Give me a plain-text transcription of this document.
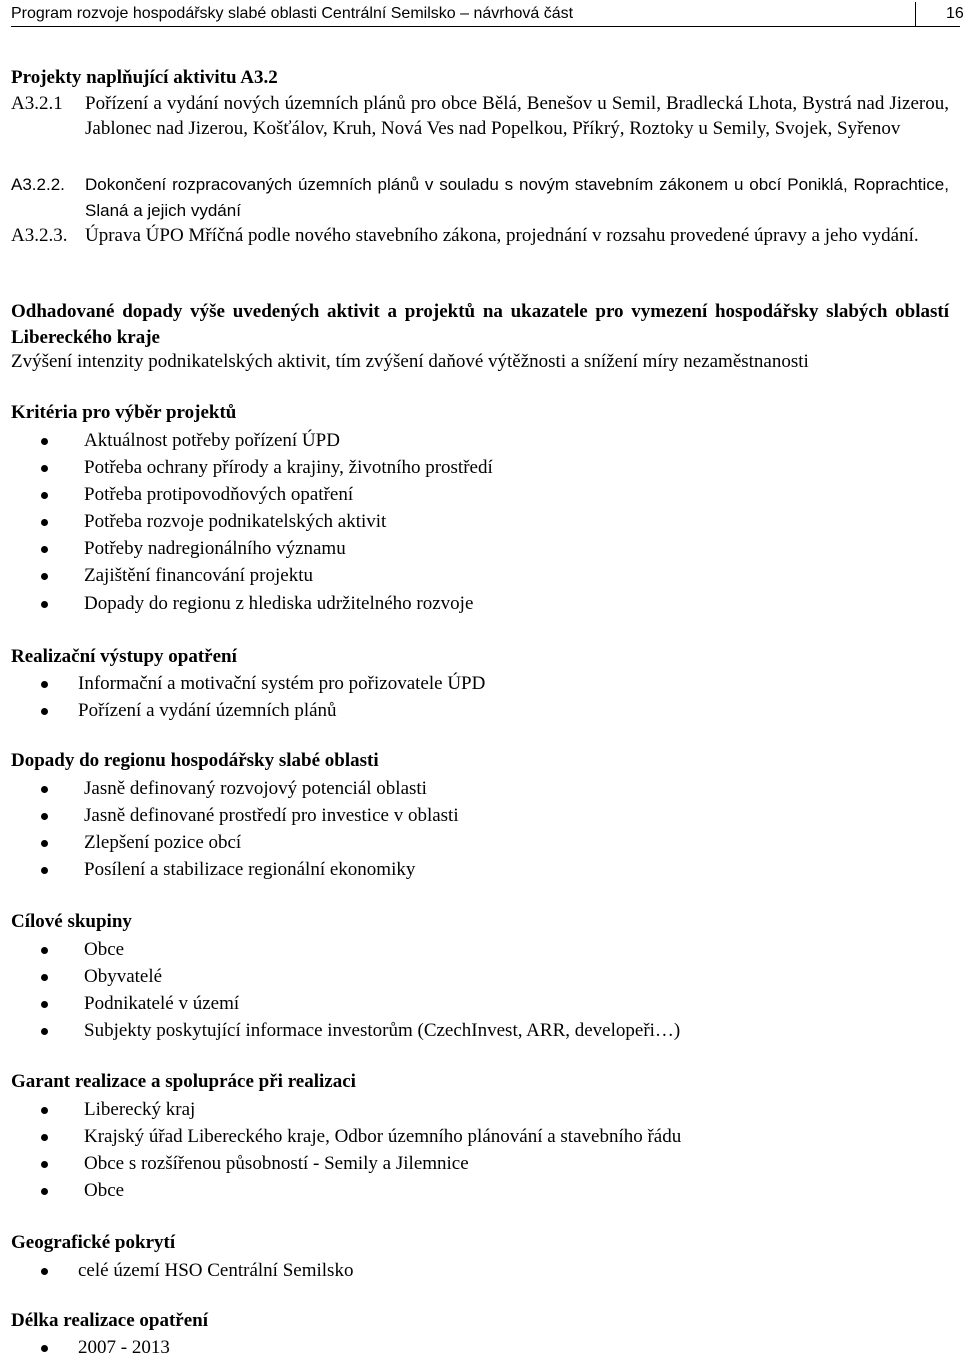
Program rozvoje hospodářsky slabé oblasti Centrální Semilsko – návrhová část	16
Projekty naplňující aktivitu A3.2
A3.2.1 Pořízení a vydání nových územních plánů pro obce Bělá, Benešov u Semil, Bradlecká Lhota, Bystrá nad Jizerou, Jablonec nad Jizerou, Košťálov, Kruh, Nová Ves nad Popelkou, Příkrý, Roztoky u Semily, Svojek, Syřenov
A3.2.2. Dokončení rozpracovaných územních plánů v souladu s novým stavebním zákonem u obcí Poniklá, Roprachtice, Slaná a jejich vydání
A3.2.3. Úprava ÚPO Mříčná podle nového stavebního zákona, projednání v rozsahu provedené úpravy a jeho vydání.
Odhadované dopady výše uvedených aktivit a projektů na ukazatele pro vymezení hospodářsky slabých oblastí Libereckého kraje
Zvýšení intenzity podnikatelských aktivit, tím zvýšení daňové výtěžnosti a snížení míry nezaměstnanosti
Kritéria pro výběr projektů
Aktuálnost potřeby pořízení ÚPD
Potřeba ochrany přírody a krajiny, životního prostředí
Potřeba protipovodňových opatření
Potřeba rozvoje podnikatelských aktivit
Potřeby nadregionálního významu
Zajištění financování projektu
Dopady do regionu z hlediska udržitelného rozvoje
Realizační výstupy opatření
Informační a motivační systém pro pořizovatele ÚPD
Pořízení a vydání územních plánů
Dopady do regionu hospodářsky slabé oblasti
Jasně definovaný rozvojový potenciál oblasti
Jasně definované prostředí pro investice v oblasti
Zlepšení pozice obcí
Posílení a stabilizace regionální ekonomiky
Cílové skupiny
Obce
Obyvatelé
Podnikatelé v území
Subjekty poskytující informace investorům (CzechInvest, ARR, developeři…)
Garant realizace a spolupráce při realizaci
Liberecký kraj
Krajský úřad Libereckého kraje, Odbor územního plánování a stavebního řádu
Obce s rozšířenou působností - Semily a Jilemnice
Obce
Geografické pokrytí
celé území HSO Centrální Semilsko
Délka realizace opatření
2007 - 2013
